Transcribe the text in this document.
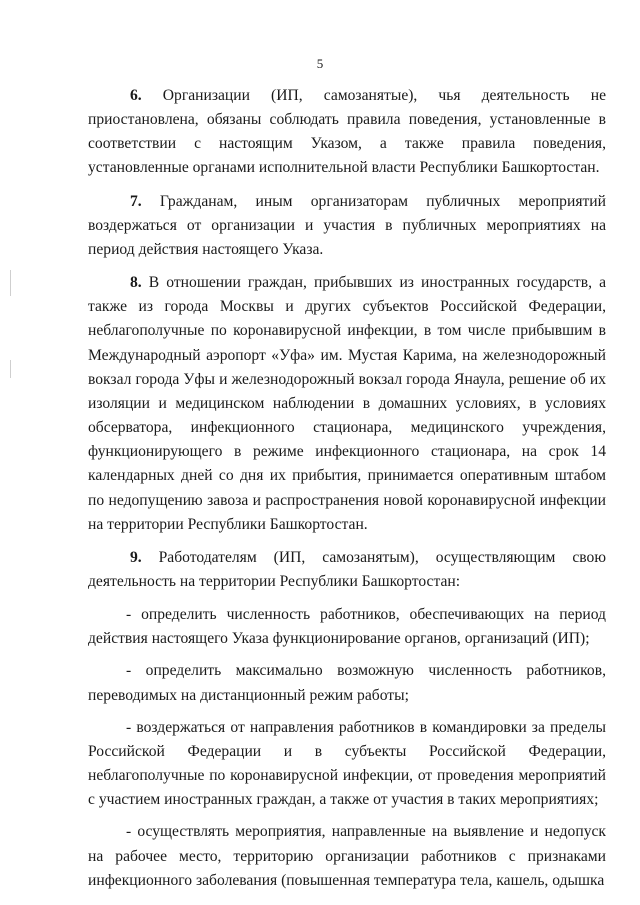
5

6. Организации (ИП, самозанятые), чья деятельность не приостановлена, обязаны соблюдать правила поведения, установленные в соответствии с настоящим Указом, а также правила поведения, установленные органами исполнительной власти Республики Башкортостан.

7. Гражданам, иным организаторам публичных мероприятий воздержаться от организации и участия в публичных мероприятиях на период действия настоящего Указа.

8. В отношении граждан, прибывших из иностранных государств, а также из города Москвы и других субъектов Российской Федерации, неблагополучные по коронавирусной инфекции, в том числе прибывшим в Международный аэропорт «Уфа» им. Мустая Карима, на железнодорожный вокзал города Уфы и железнодорожный вокзал города Янаула, решение об их изоляции и медицинском наблюдении в домашних условиях, в условиях обсерватора, инфекционного стационара, медицинского учреждения, функционирующего в режиме инфекционного стационара, на срок 14 календарных дней со дня их прибытия, принимается оперативным штабом по недопущению завоза и распространения новой коронавирусной инфекции на территории Республики Башкортостан.

9. Работодателям (ИП, самозанятым), осуществляющим свою деятельность на территории Республики Башкортостан:

- определить численность работников, обеспечивающих на период действия настоящего Указа функционирование органов, организаций (ИП);

- определить максимально возможную численность работников, переводимых на дистанционный режим работы;

- воздержаться от направления работников в командировки за пределы Российской Федерации и в субъекты Российской Федерации, неблагополучные по коронавирусной инфекции, от проведения мероприятий с участием иностранных граждан, а также от участия в таких мероприятиях;

- осуществлять мероприятия, направленные на выявление и недопуск на рабочее место, территорию организации работников с признаками инфекционного заболевания (повышенная температура тела, кашель, одышка
